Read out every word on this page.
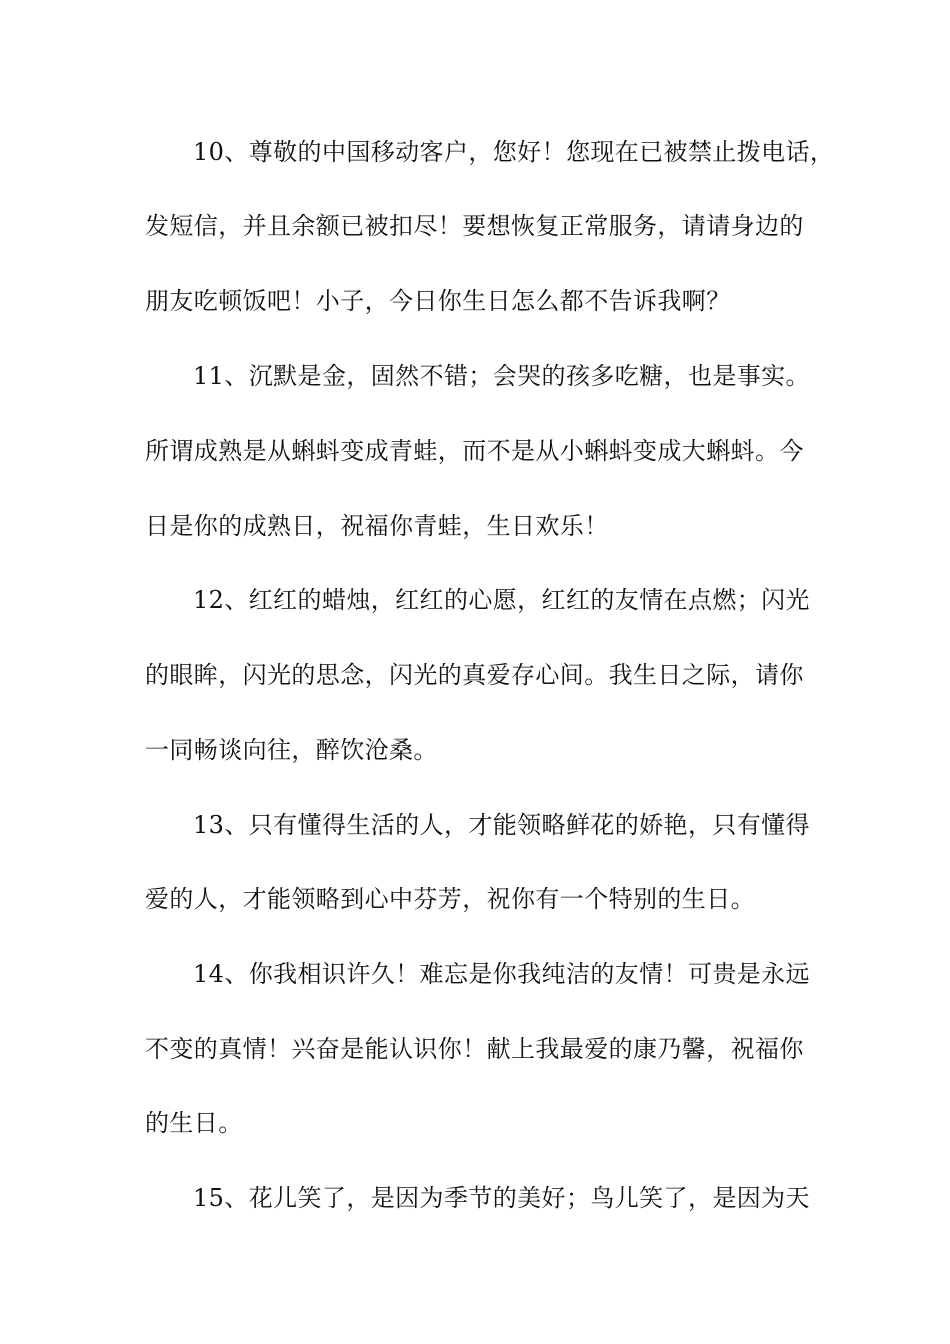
10、尊敬的中国移动客户，您好！您现在已被禁止拨电话，
发短信，并且余额已被扣尽！要想恢复正常服务，请请身边的
朋友吃顿饭吧！小子，今日你生日怎么都不告诉我啊？
11、沉默是金，固然不错；会哭的孩多吃糖，也是事实。
所谓成熟是从蝌蚪变成青蛙，而不是从小蝌蚪变成大蝌蚪。今
日是你的成熟日，祝福你青蛙，生日欢乐！
12、红红的蜡烛，红红的心愿，红红的友情在点燃；闪光
的眼眸，闪光的思念，闪光的真爱存心间。我生日之际，请你
一同畅谈向往，醉饮沧桑。
13、只有懂得生活的人，才能领略鲜花的娇艳，只有懂得
爱的人，才能领略到心中芬芳，祝你有一个特别的生日。
14、你我相识许久！难忘是你我纯洁的友情！可贵是永远
不变的真情！兴奋是能认识你！献上我最爱的康乃馨，祝福你
的生日。
15、花儿笑了，是因为季节的美好；鸟儿笑了，是因为天
